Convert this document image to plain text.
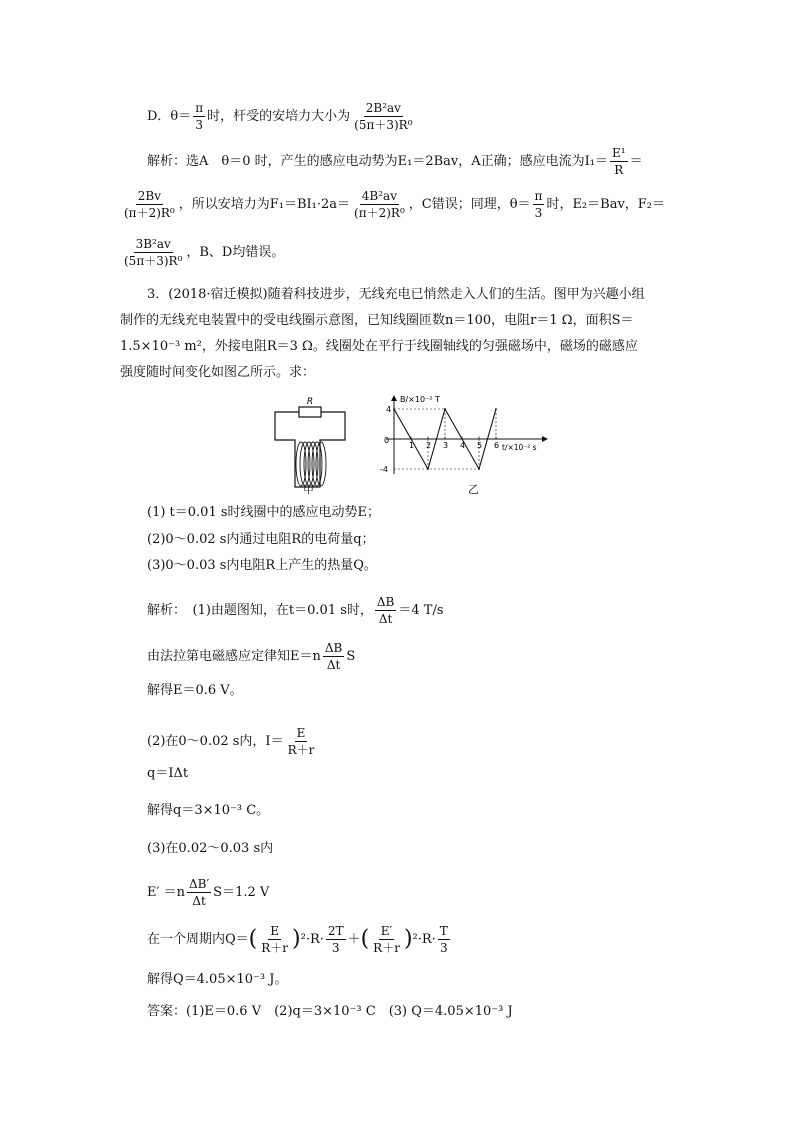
D．$\theta= \frac{\pi}{3}$ 时，杆受的安培力大小为 $\frac{\text{2B²av}}{\text{(5π＋3)R⁰}}$
解析：选A　θ＝0 时，产生的感应电动势为E₁＝2Bav，A正确；感应电流为$I_1= \frac{\text{E¹}}{R}$ ＝
$\frac{2Bv}{\text{(π＋2)R⁰}}$ ，所以安培力为$F_1=BI_1\cdot 2a= \frac{\text{4B²av}}{\text{(π＋2)R⁰}}$ ，C错误；同理，$\theta= \frac{\pi}{3}$ 时，E₂＝Bav，F₂＝
$\frac{\text{3B²av}}{\text{(5π＋3)R⁰}}$ ，B、D均错误。
3．(2018·宿迁模拟)随着科技进步，无线充电已悄然走入人们的生活。图甲为兴趣小组
制作的无线充电装置中的受电线圈示意图，已知线圈匝数n＝100，电阻r＝1 Ω，面积S＝
1.5×10⁻³ m²，外接电阻R＝3 Ω。线圈处在平行于线圈轴线的匀强磁场中，磁场的磁感应
强度随时间变化如图乙所示。求：
R
甲
B/×10⁻² T
t/×10⁻² s
0
1 2 3 4 5 6
4
-4
乙
(1) t＝0.01 s时线圈中的感应电动势E；
(2)0～0.02 s内通过电阻R的电荷量q；
(3)0～0.03 s内电阻R上产生的热量Q。
解析：　(1)由题图知，在t＝0.01 s时， $\frac{\Delta B}{\Delta t} =4$ T/s
由法拉第电磁感应定律知$E=n \frac{\Delta B}{\Delta t}$ S
解得E＝0.6 V。
(2)在0～0.02 s内，$I= \frac{E}{R+r}$
q＝IΔt
解得q＝3×10⁻³ C。
(3)在0.02～0.03 s内
$E' =n \frac{\Delta B'}{\Delta t} S=1.2$ V
在一个周期内$Q=( \frac{E}{R+r} )^2\cdot R\cdot \frac{2T}{3}$ ＋( $\frac{E'}{R+r} )^2\cdot R\cdot \frac{T}{3}$
解得Q＝4.05×10⁻³ J。
答案：(1)E＝0.6 V　(2)q＝3×10⁻³ C　(3) Q＝4.05×10⁻³ J
